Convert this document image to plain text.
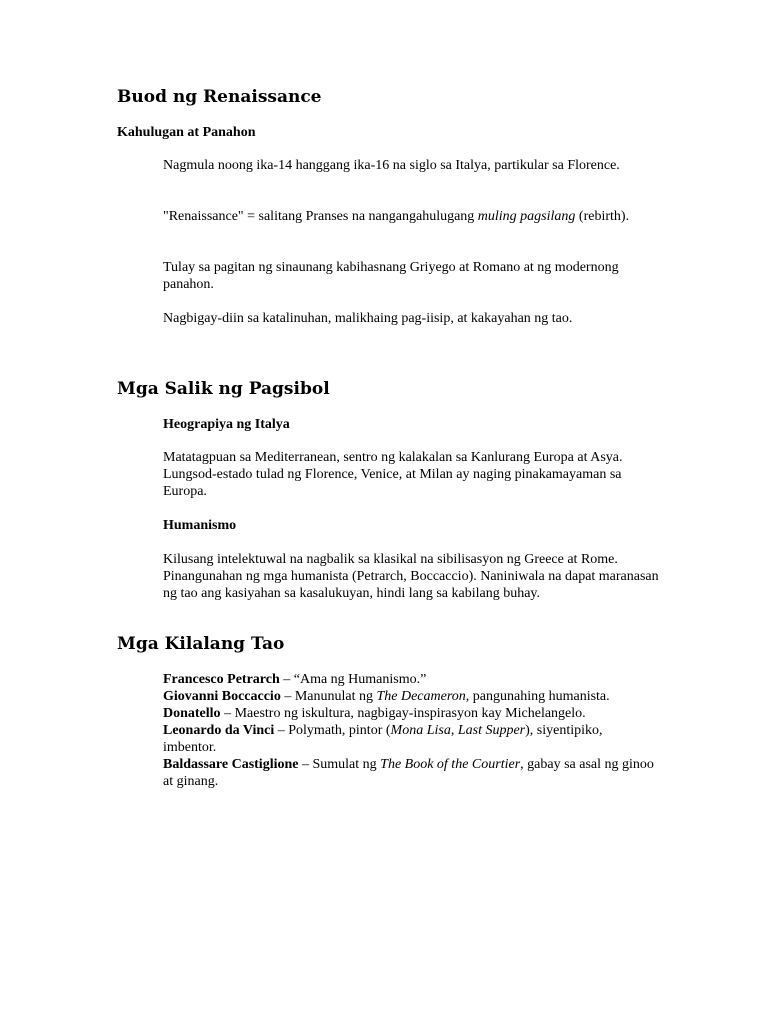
Buod ng Renaissance
Kahulugan at Panahon

Nagmula noong ika-14 hanggang ika-16 na siglo sa Italya, partikular sa Florence.

"Renaissance" = salitang Pranses na nangangahulugang muling pagsilang (rebirth).

Tulay sa pagitan ng sinaunang kabihasnang Griyego at Romano at ng modernong panahon.

Nagbigay-diin sa katalinuhan, malikhaing pag-iisip, at kakayahan ng tao.

Mga Salik ng Pagsibol
Heograpiya ng Italya

Matatagpuan sa Mediterranean, sentro ng kalakalan sa Kanlurang Europa at Asya. Lungsod-estado tulad ng Florence, Venice, at Milan ay naging pinakamayaman sa Europa.

Humanismo

Kilusang intelektuwal na nagbalik sa klasikal na sibilisasyon ng Greece at Rome. Pinangunahan ng mga humanista (Petrarch, Boccaccio). Naniniwala na dapat maranasan ng tao ang kasiyahan sa kasalukuyan, hindi lang sa kabilang buhay.

Mga Kilalang Tao
Francesco Petrarch – “Ama ng Humanismo.”
Giovanni Boccaccio – Manunulat ng The Decameron, pangunahing humanista.
Donatello – Maestro ng iskultura, nagbigay-inspirasyon kay Michelangelo.
Leonardo da Vinci – Polymath, pintor (Mona Lisa, Last Supper), siyentipiko, imbentor.
Baldassare Castiglione – Sumulat ng The Book of the Courtier, gabay sa asal ng ginoo at ginang.
